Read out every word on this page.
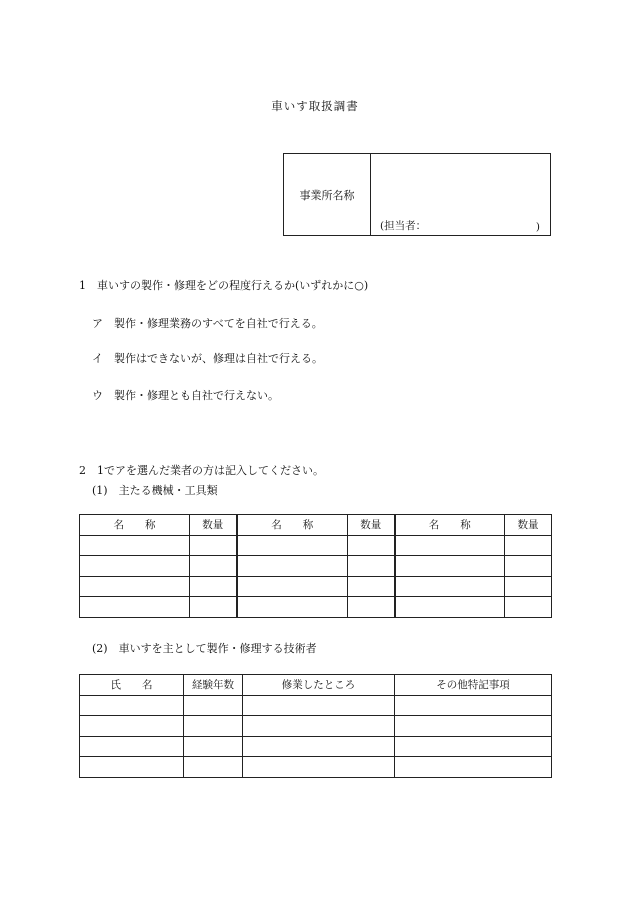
車いす取扱調書
事業所名称
(担当者：	)
1　車いすの製作・修理をどの程度行えるか(いずれかに○)
ア　製作・修理業務のすべてを自社で行える。
イ　製作はできないが、修理は自社で行える。
ウ　製作・修理とも自社で行えない。
2　1でアを選んだ業者の方は記入してください。
(1)　主たる機械・工具類
名　　称	数量	名　　称	数量	名　　称	数量

(2)　車いすを主として製作・修理する技術者
氏　　名	経験年数	修業したところ	その他特記事項
